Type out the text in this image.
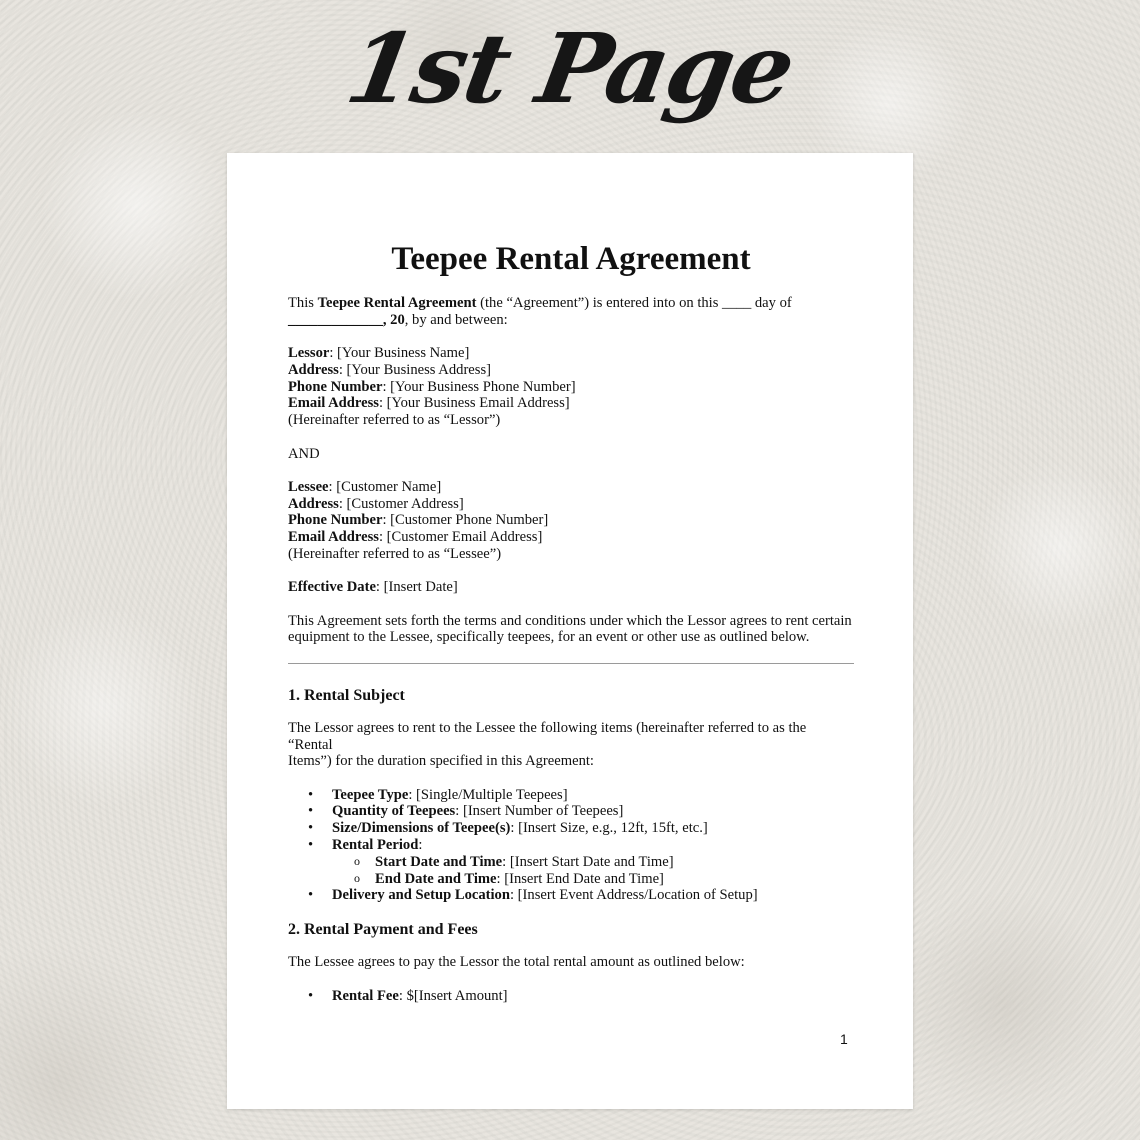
1st Page
Teepee Rental Agreement
This Teepee Rental Agreement (the “Agreement”) is entered into on this ____ day of
_____________, 20, by and between:
Lessor: [Your Business Name]
Address: [Your Business Address]
Phone Number: [Your Business Phone Number]
Email Address: [Your Business Email Address]
(Hereinafter referred to as “Lessor”)
AND
Lessee: [Customer Name]
Address: [Customer Address]
Phone Number: [Customer Phone Number]
Email Address: [Customer Email Address]
(Hereinafter referred to as “Lessee”)
Effective Date: [Insert Date]
This Agreement sets forth the terms and conditions under which the Lessor agrees to rent certain
equipment to the Lessee, specifically teepees, for an event or other use as outlined below.
1. Rental Subject
The Lessor agrees to rent to the Lessee the following items (hereinafter referred to as the “Rental
Items”) for the duration specified in this Agreement:
• Teepee Type: [Single/Multiple Teepees]
• Quantity of Teepees: [Insert Number of Teepees]
• Size/Dimensions of Teepee(s): [Insert Size, e.g., 12ft, 15ft, etc.]
• Rental Period:
o Start Date and Time: [Insert Start Date and Time]
o End Date and Time: [Insert End Date and Time]
• Delivery and Setup Location: [Insert Event Address/Location of Setup]
2. Rental Payment and Fees
The Lessee agrees to pay the Lessor the total rental amount as outlined below:
• Rental Fee: $[Insert Amount]
1
